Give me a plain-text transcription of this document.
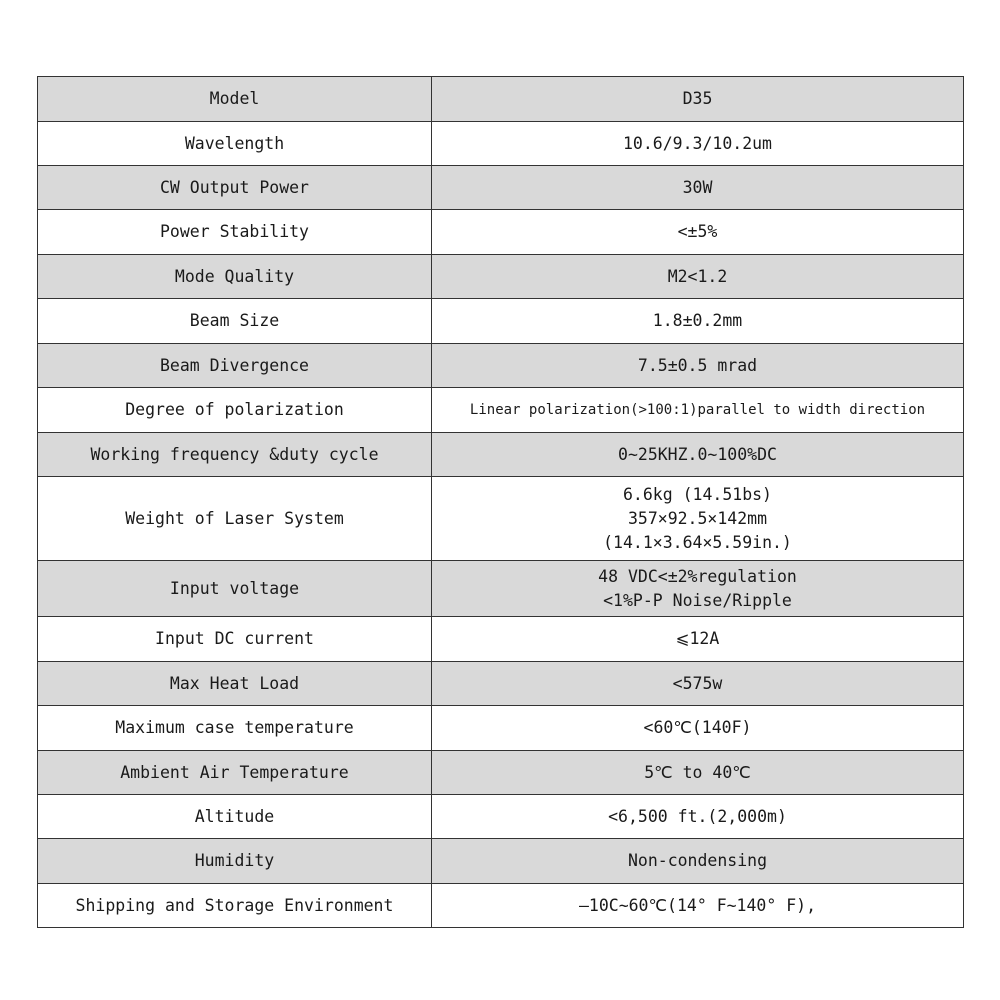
Model	D35

Wavelength	10.6/9.3/10.2um

CW Output Power	30W

Power Stability	<±5%

Mode Quality	M2<1.2

Beam Size	1.8±0.2mm

Beam Divergence	7.5±0.5 mrad

Degree of polarization	Linear polarization(>100:1)parallel to width direction

Working frequency &duty cycle	0~25KHZ.0~100%DC

Weight of Laser System	6.6kg (14.51bs)
357×92.5×142mm
(14.1×3.64×5.59in.)

Input voltage	48 VDC<±2%regulation
<1%P-P Noise/Ripple

Input DC current	⩽12A

Max Heat Load	<575w

Maximum case temperature	<60℃(140F)

Ambient Air Temperature	5℃ to 40℃

Altitude	<6,500 ft.(2,000m)

Humidity	Non-condensing

Shipping and Storage Environment	—10C~60℃(14° F~140° F),
